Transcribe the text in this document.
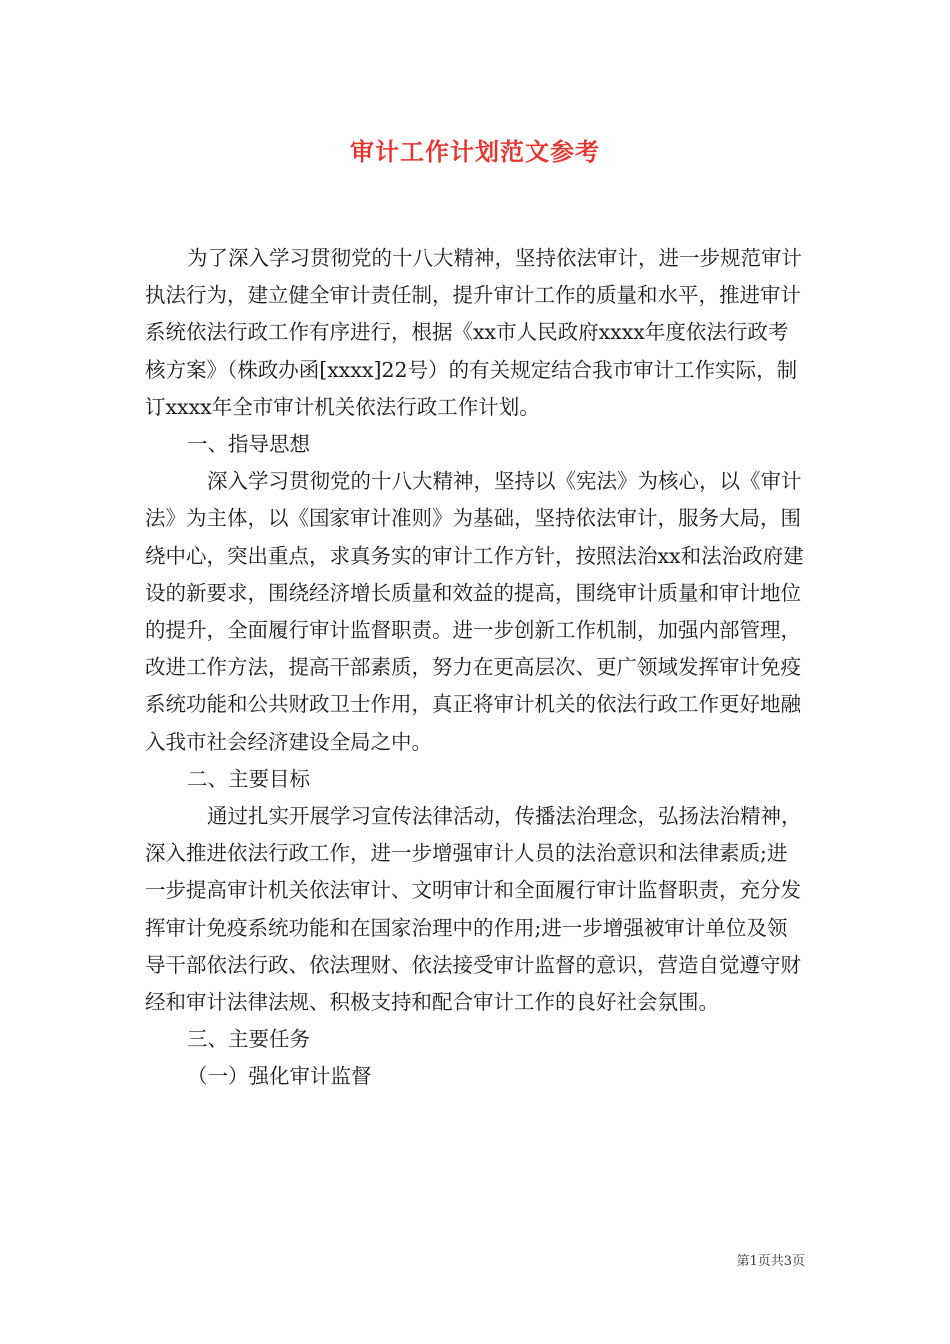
审计工作计划范文参考

为了深入学习贯彻党的十八大精神，坚持依法审计，进一步规范审计执法行为，建立健全审计责任制，提升审计工作的质量和水平，推进审计系统依法行政工作有序进行，根据《xx市人民政府xxxx年度依法行政考核方案》（株政办函[xxxx]22号）的有关规定结合我市审计工作实际，制订xxxx年全市审计机关依法行政工作计划。

一、指导思想

深入学习贯彻党的十八大精神，坚持以《宪法》为核心，以《审计法》为主体，以《国家审计准则》为基础，坚持依法审计，服务大局，围绕中心，突出重点，求真务实的审计工作方针，按照法治xx和法治政府建设的新要求，围绕经济增长质量和效益的提高，围绕审计质量和审计地位的提升，全面履行审计监督职责。进一步创新工作机制，加强内部管理，改进工作方法，提高干部素质，努力在更高层次、更广领域发挥审计免疫系统功能和公共财政卫士作用，真正将审计机关的依法行政工作更好地融入我市社会经济建设全局之中。

二、主要目标

通过扎实开展学习宣传法律活动，传播法治理念，弘扬法治精神，深入推进依法行政工作，进一步增强审计人员的法治意识和法律素质;进一步提高审计机关依法审计、文明审计和全面履行审计监督职责，充分发挥审计免疫系统功能和在国家治理中的作用;进一步增强被审计单位及领导干部依法行政、依法理财、依法接受审计监督的意识，营造自觉遵守财经和审计法律法规、积极支持和配合审计工作的良好社会氛围。

三、主要任务

（一）强化审计监督

第1页共3页
